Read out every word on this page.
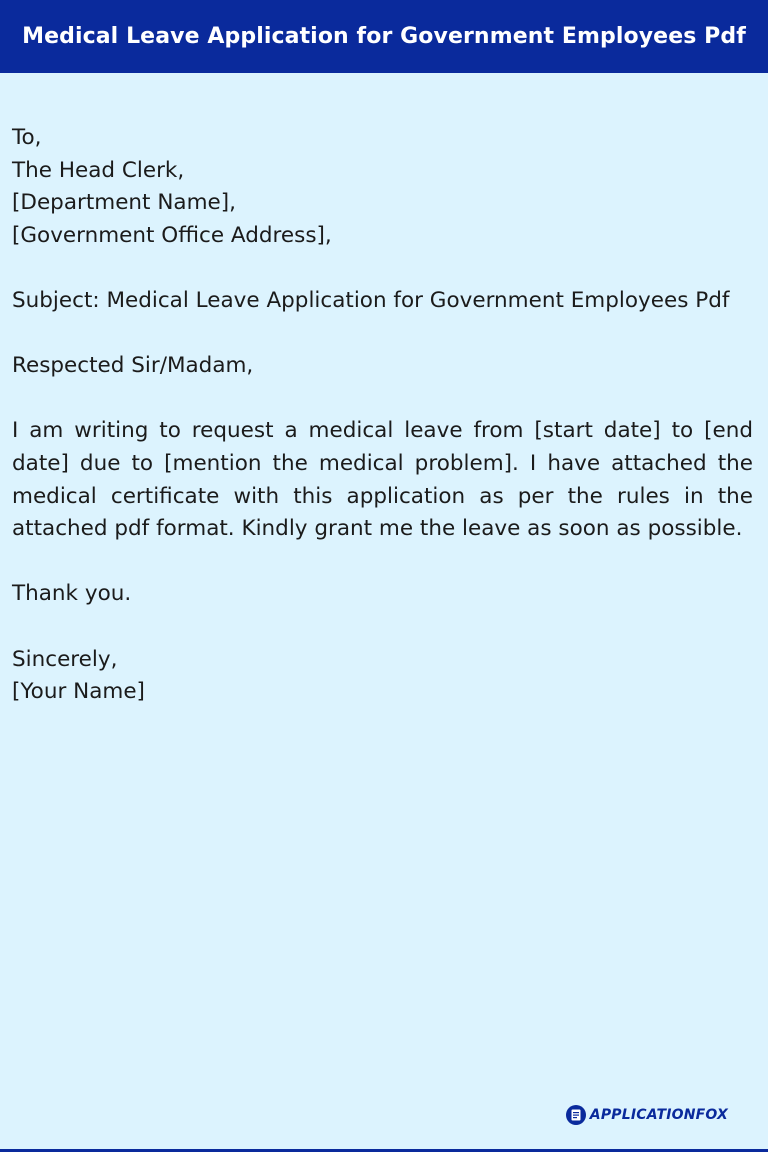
Medical Leave Application for Government Employees Pdf

To,

The Head Clerk,

[Department Name],

[Government Office Address],

Subject: Medical Leave Application for Government Employees Pdf

Respected Sir/Madam,

I am writing to request a medical leave from [start date] to [end date] due to [mention the medical problem]. I have attached the medical certificate with this application as per the rules in the attached pdf format. Kindly grant me the leave as soon as possible.

Thank you.

Sincerely,

[Your Name]

APPLICATIONFOX
